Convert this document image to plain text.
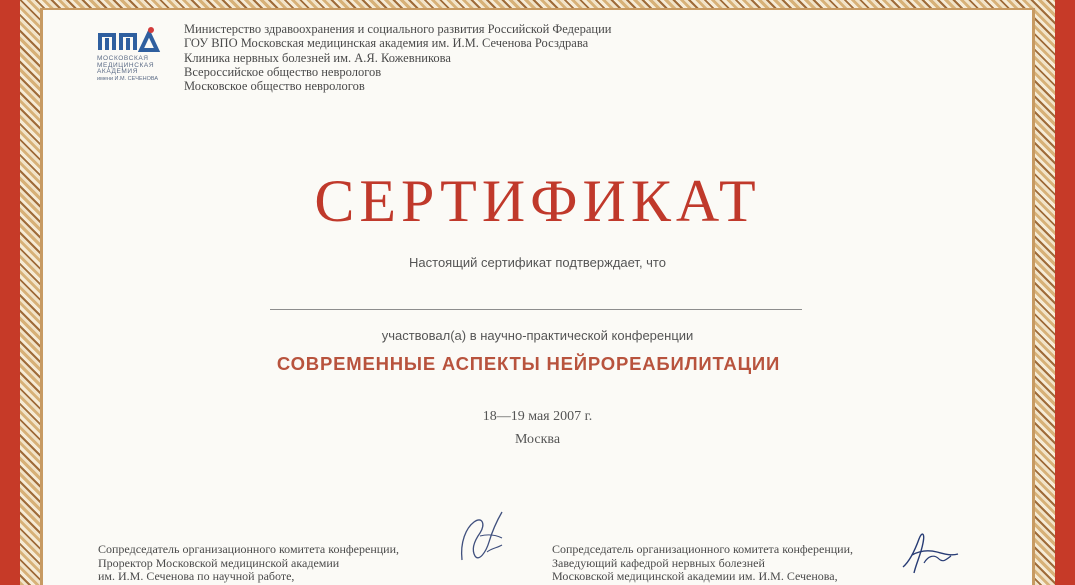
МОСКОВСКАЯ
МЕДИЦИНСКАЯ
АКАДЕМИЯ
имени И.М. СЕЧЕНОВА
Министерство здравоохранения и социального развития Российской Федерации
ГОУ ВПО Московская медицинская академия им. И.М. Сеченова Росздрава
Клиника нервных болезней им. А.Я. Кожевникова
Всероссийское общество неврологов
Московское общество неврологов
СЕРТИФИКАТ
Настоящий сертификат подтверждает, что
участвовал(а) в научно-практической конференции
СОВРЕМЕННЫЕ АСПЕКТЫ НЕЙРОРЕАБИЛИТАЦИИ
18—19 мая 2007 г.
Москва
Сопредседатель организационного комитета конференции,
Проректор Московской медицинской академии
им. И.М. Сеченова по научной работе,
Сопредседатель организационного комитета конференции,
Заведующий кафедрой нервных болезней
Московской медицинской академии им. И.М. Сеченова,
